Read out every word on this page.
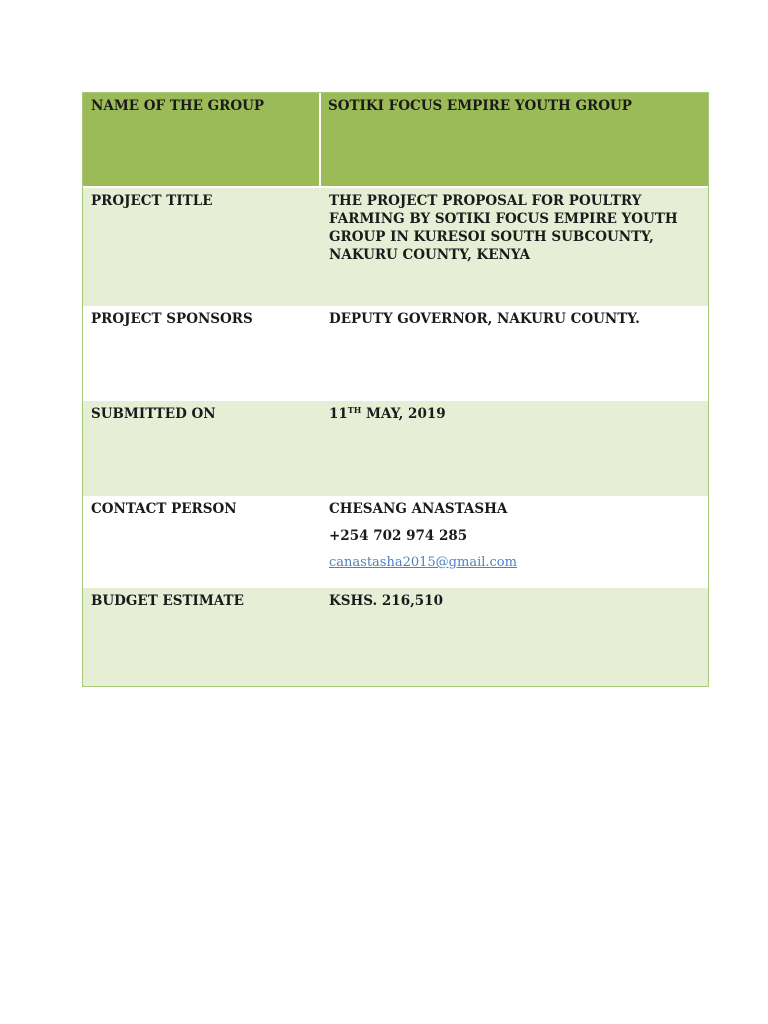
NAME OF THE GROUP	SOTIKI FOCUS EMPIRE YOUTH GROUP
PROJECT TITLE	THE PROJECT PROPOSAL FOR POULTRY FARMING BY SOTIKI FOCUS EMPIRE YOUTH GROUP IN KURESOI SOUTH SUBCOUNTY, NAKURU COUNTY, KENYA
PROJECT SPONSORS	DEPUTY GOVERNOR, NAKURU COUNTY.
SUBMITTED ON	11TH MAY, 2019
CONTACT PERSON	CHESANG ANASTASHA
+254 702 974 285
canastasha2015@gmail.com
BUDGET ESTIMATE	KSHS. 216,510
